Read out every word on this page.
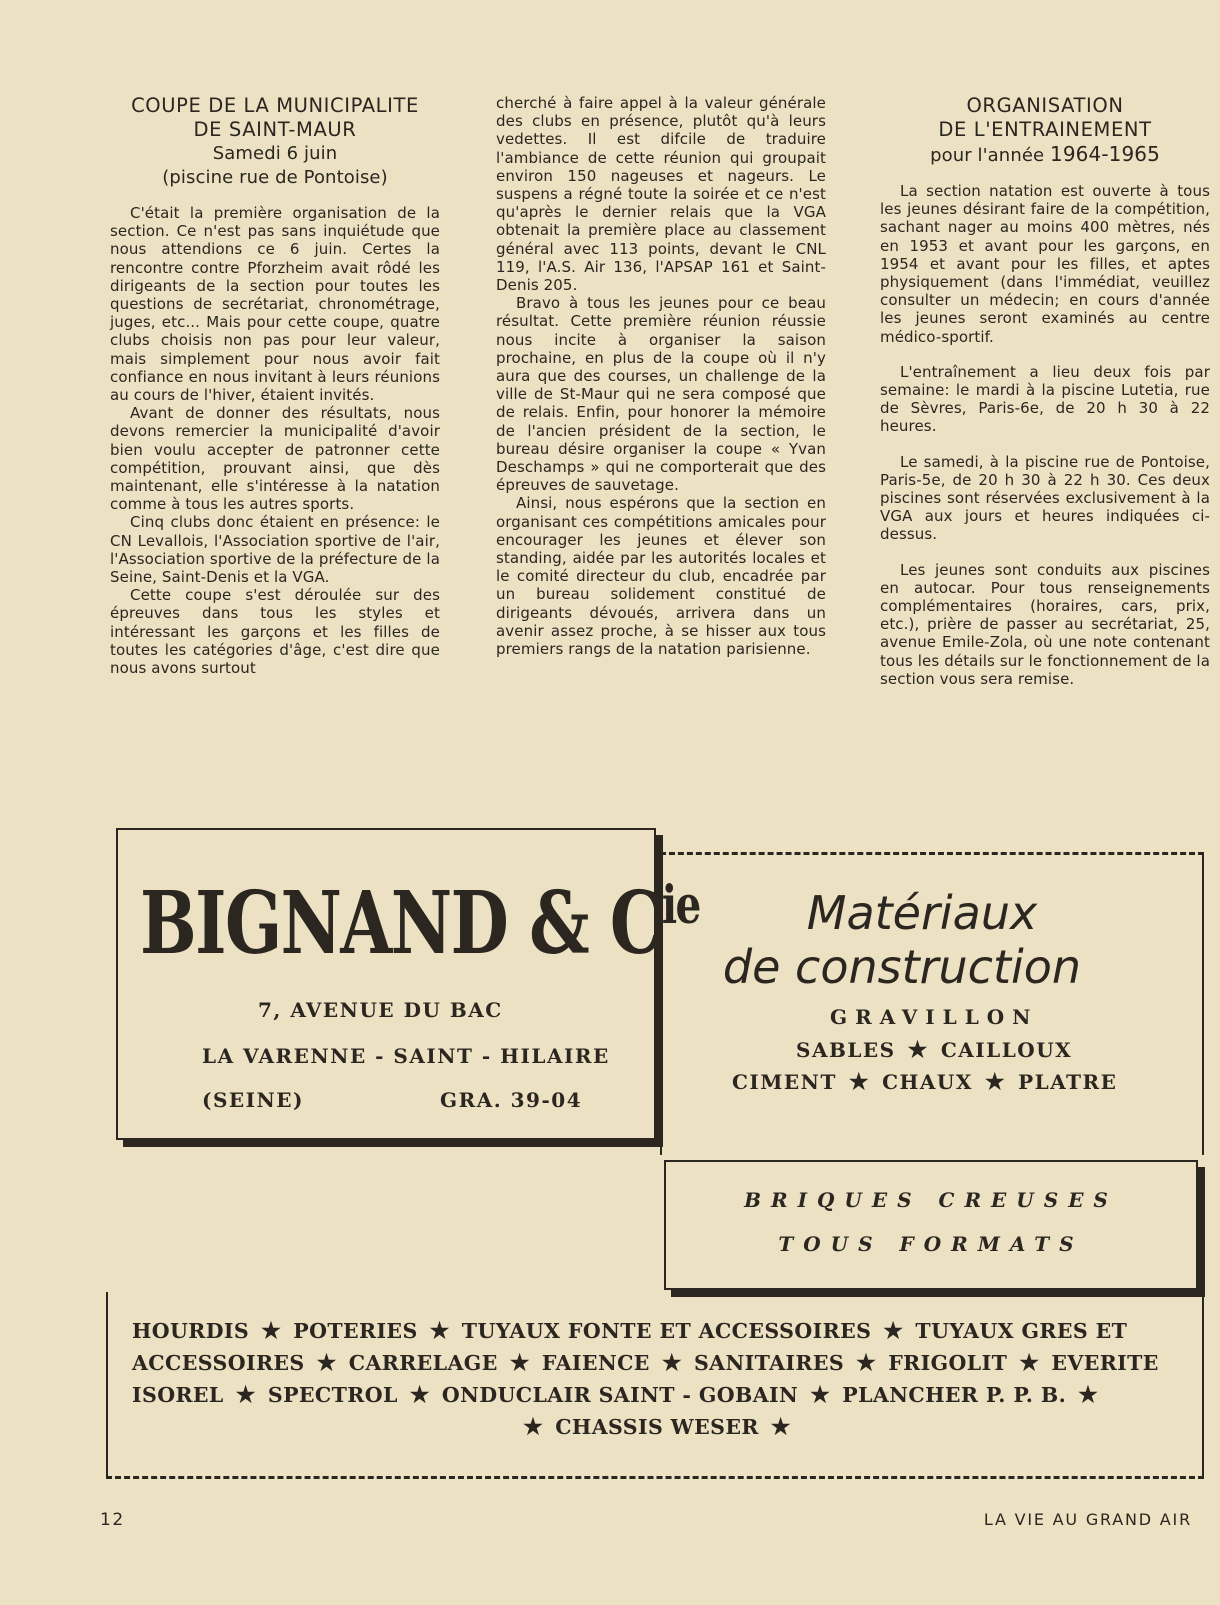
COUPE DE LA MUNICIPALITE
DE SAINT-MAUR
Samedi 6 juin
(piscine rue de Pontoise)

C'était la première organisation de la section. Ce n'est pas sans inquiétude que nous attendions ce 6 juin. Certes la rencontre contre Pforzheim avait rôdé les dirigeants de la section pour toutes les questions de secrétariat, chronométrage, juges, etc... Mais pour cette coupe, quatre clubs choisis non pas pour leur valeur, mais simplement pour nous avoir fait confiance en nous invitant à leurs réunions au cours de l'hiver, étaient invités.

Avant de donner des résultats, nous devons remercier la municipalité d'avoir bien voulu accepter de patronner cette compétition, prouvant ainsi, que dès maintenant, elle s'intéresse à la natation comme à tous les autres sports.

Cinq clubs donc étaient en présence: le CN Levallois, l'Association sportive de l'air, l'Association sportive de la préfecture de la Seine, Saint-Denis et la VGA.

Cette coupe s'est déroulée sur des épreuves dans tous les styles et intéressant les garçons et les filles de toutes les catégories d'âge, c'est dire que nous avons surtout

cherché à faire appel à la valeur générale des clubs en présence, plutôt qu'à leurs vedettes. Il est difcile de traduire l'ambiance de cette réunion qui groupait environ 150 nageuses et nageurs. Le suspens a régné toute la soirée et ce n'est qu'après le dernier relais que la VGA obtenait la première place au classement général avec 113 points, devant le CNL 119, l'A.S. Air 136, l'APSAP 161 et Saint-Denis 205.

Bravo à tous les jeunes pour ce beau résultat. Cette première réunion réussie nous incite à organiser la saison prochaine, en plus de la coupe où il n'y aura que des courses, un challenge de la ville de St-Maur qui ne sera composé que de relais. Enfin, pour honorer la mémoire de l'ancien président de la section, le bureau désire organiser la coupe « Yvan Deschamps » qui ne comporterait que des épreuves de sauvetage.

Ainsi, nous espérons que la section en organisant ces compétitions amicales pour encourager les jeunes et élever son standing, aidée par les autorités locales et le comité directeur du club, encadrée par un bureau solidement constitué de dirigeants dévoués, arrivera dans un avenir assez proche, à se hisser aux tous premiers rangs de la natation parisienne.

ORGANISATION
DE L'ENTRAINEMENT
pour l'année 1964-1965

La section natation est ouverte à tous les jeunes désirant faire de la compétition, sachant nager au moins 400 mètres, nés en 1953 et avant pour les garçons, en 1954 et avant pour les filles, et aptes physiquement (dans l'immédiat, veuillez consulter un médecin; en cours d'année les jeunes seront examinés au centre médico-sportif.

L'entraînement a lieu deux fois par semaine: le mardi à la piscine Lutetia, rue de Sèvres, Paris-6e, de 20 h 30 à 22 heures.

Le samedi, à la piscine rue de Pontoise, Paris-5e, de 20 h 30 à 22 h 30. Ces deux piscines sont réservées exclusivement à la VGA aux jours et heures indiquées ci-dessus.

Les jeunes sont conduits aux piscines en autocar. Pour tous renseignements complémentaires (horaires, cars, prix, etc.), prière de passer au secrétariat, 25, avenue Emile-Zola, où une note contenant tous les détails sur le fonctionnement de la section vous sera remise.

BIGNAND & $C^{ie}$
7, AVENUE DU BAC
LA VARENNE - SAINT - HILAIRE
(SEINE)	GRA. 39-04
Matériaux
de construction
GRAVILLON
SABLES ★ CAILLOUX
CIMENT ★ CHAUX ★ PLATRE
BRIQUES CREUSES
TOUS FORMATS
HOURDIS ★ POTERIES ★ TUYAUX FONTE ET ACCESSOIRES ★ TUYAUX GRES ET
ACCESSOIRES ★ CARRELAGE ★ FAIENCE ★ SANITAIRES ★ FRIGOLIT ★ EVERITE
ISOREL ★ SPECTROL ★ ONDUCLAIR SAINT - GOBAIN ★ PLANCHER P. P. B. ★
★ CHASSIS WESER ★
12	LA VIE AU GRAND AIR
